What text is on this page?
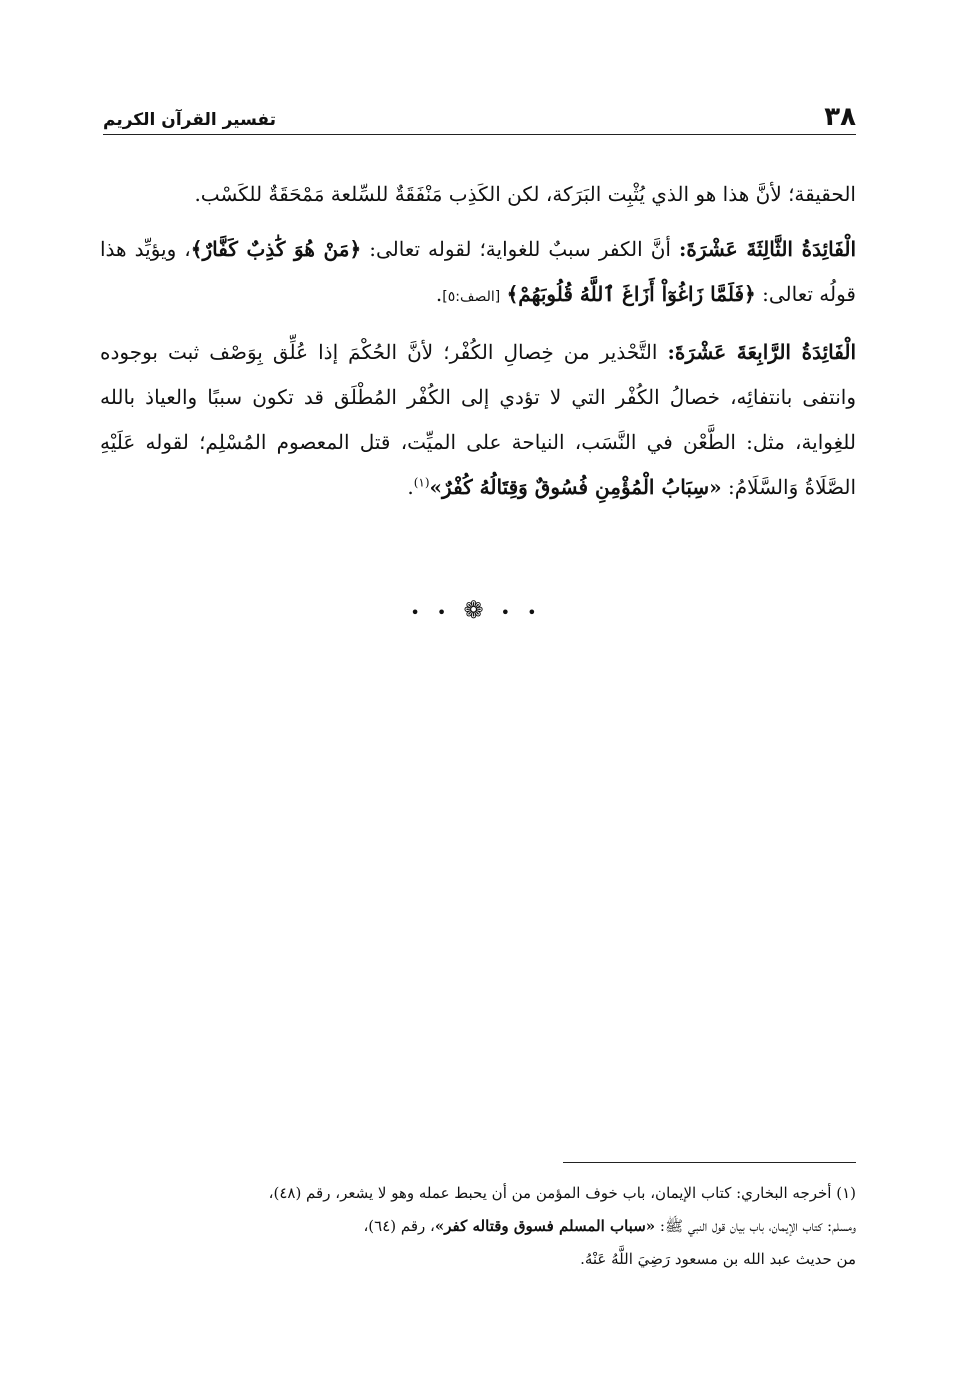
٣٨
تفسير القرآن الكريم

الحقيقة؛ لأنَّ هذا هو الذي يُثْبِت البَرَكة، لكن الكَذِب مَنْفَقَةٌ للسِّلعة مَمْحَقَةٌ للكَسْب.

الْفَائِدَةُ الثَّالِثَةَ عَشْرَةَ: أنَّ الكفر سببٌ للغواية؛ لقوله تعالى: ﴿مَنْ هُوَ كَٰذِبٌ كَفَّارٌ﴾، ويؤيِّد هذا قولُه تعالى: ﴿فَلَمَّا زَاغُوٓاْ أَزَاغَ ٱللَّهُ قُلُوبَهُمْ﴾ [الصف:٥].

الْفَائِدَةُ الرَّابِعَةَ عَشْرَةَ: التَّحْذير من خِصالِ الكُفْر؛ لأنَّ الحُكْمَ إذا عُلِّق بِوَصْف ثبت بوجوده وانتفى بانتفائِه، خصالُ الكُفْر التي لا تؤدي إلى الكُفْر المُطْلَق قد تكون سببًا والعياذ بالله للغِواية، مثل: الطَّعْن في النَّسَب، النياحة على الميِّت، قتل المعصوم المُسْلِم؛ لقوله عَلَيْهِ الصَّلَاةُ وَالسَّلَامُ: «سِبَابُ الْمُؤْمِنِ فُسُوقٌ وَقِتَالُهُ كُفْرٌ»$^{(١)}$.

• • ❁ • •

(١) أخرجه البخاري: كتاب الإيمان، باب خوف المؤمن من أن يحبط عمله وهو لا يشعر، رقم (٤٨)،

ومسلم: كتاب الإيمان، باب بيان قول النبي ﷺ: «سباب المسلم فسوق وقتاله كفر»، رقم (٦٤)،

من حديث عبد الله بن مسعود رَضِيَ اللَّهُ عَنْهُ.
